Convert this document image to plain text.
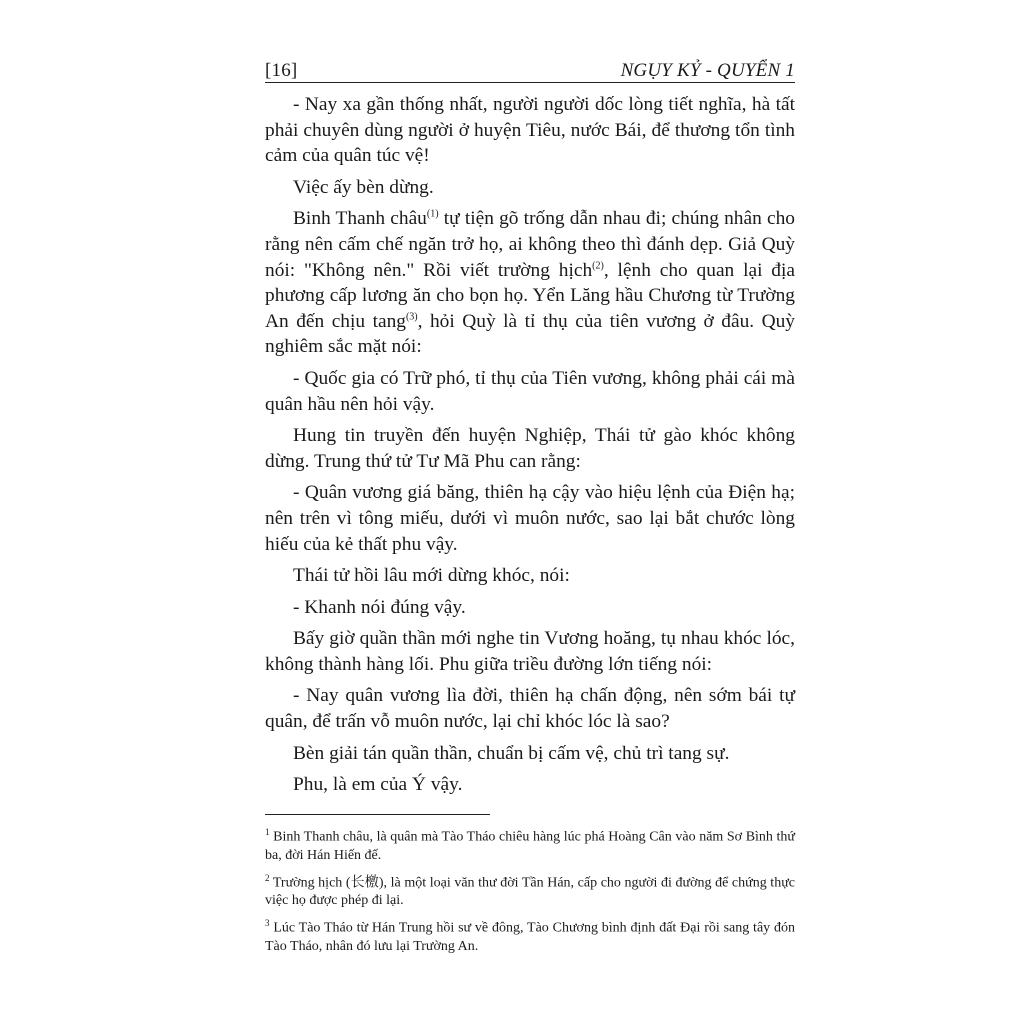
[16]	NGỤY KỶ - QUYỂN 1

- Nay xa gần thống nhất, người người dốc lòng tiết nghĩa, hà tất phải chuyên dùng người ở huyện Tiêu, nước Bái, để thương tổn tình cảm của quân túc vệ!

Việc ấy bèn dừng.

Binh Thanh châu$^{(1)}$ tự tiện gõ trống dẫn nhau đi; chúng nhân cho rằng nên cấm chế ngăn trở họ, ai không theo thì đánh dẹp. Giả Quỳ nói: "Không nên." Rồi viết trường hịch$^{(2)}$, lệnh cho quan lại địa phương cấp lương ăn cho bọn họ. Yển Lăng hầu Chương từ Trường An đến chịu tang$^{(3)}$, hỏi Quỳ là tỉ thụ của tiên vương ở đâu. Quỳ nghiêm sắc mặt nói:

- Quốc gia có Trữ phó, tỉ thụ của Tiên vương, không phải cái mà quân hầu nên hỏi vậy.

Hung tin truyền đến huyện Nghiệp, Thái tử gào khóc không dừng. Trung thứ tử Tư Mã Phu can rằng:

- Quân vương giá băng, thiên hạ cậy vào hiệu lệnh của Điện hạ; nên trên vì tông miếu, dưới vì muôn nước, sao lại bắt chước lòng hiếu của kẻ thất phu vậy.

Thái tử hồi lâu mới dừng khóc, nói:

- Khanh nói đúng vậy.

Bấy giờ quần thần mới nghe tin Vương hoăng, tụ nhau khóc lóc, không thành hàng lối. Phu giữa triều đường lớn tiếng nói:

- Nay quân vương lìa đời, thiên hạ chấn động, nên sớm bái tự quân, để trấn vỗ muôn nước, lại chỉ khóc lóc là sao?

Bèn giải tán quần thần, chuẩn bị cấm vệ, chủ trì tang sự.

Phu, là em của Ý vậy.

$^1$ Binh Thanh châu, là quân mà Tào Tháo chiêu hàng lúc phá Hoàng Cân vào năm Sơ Bình thứ ba, đời Hán Hiến đế.

$^2$ Trường hịch (长檄), là một loại văn thư đời Tần Hán, cấp cho người đi đường để chứng thực việc họ được phép đi lại.

$^3$ Lúc Tào Tháo từ Hán Trung hồi sư về đông, Tào Chương bình định đất Đại rồi sang tây đón Tào Tháo, nhân đó lưu lại Trường An.
